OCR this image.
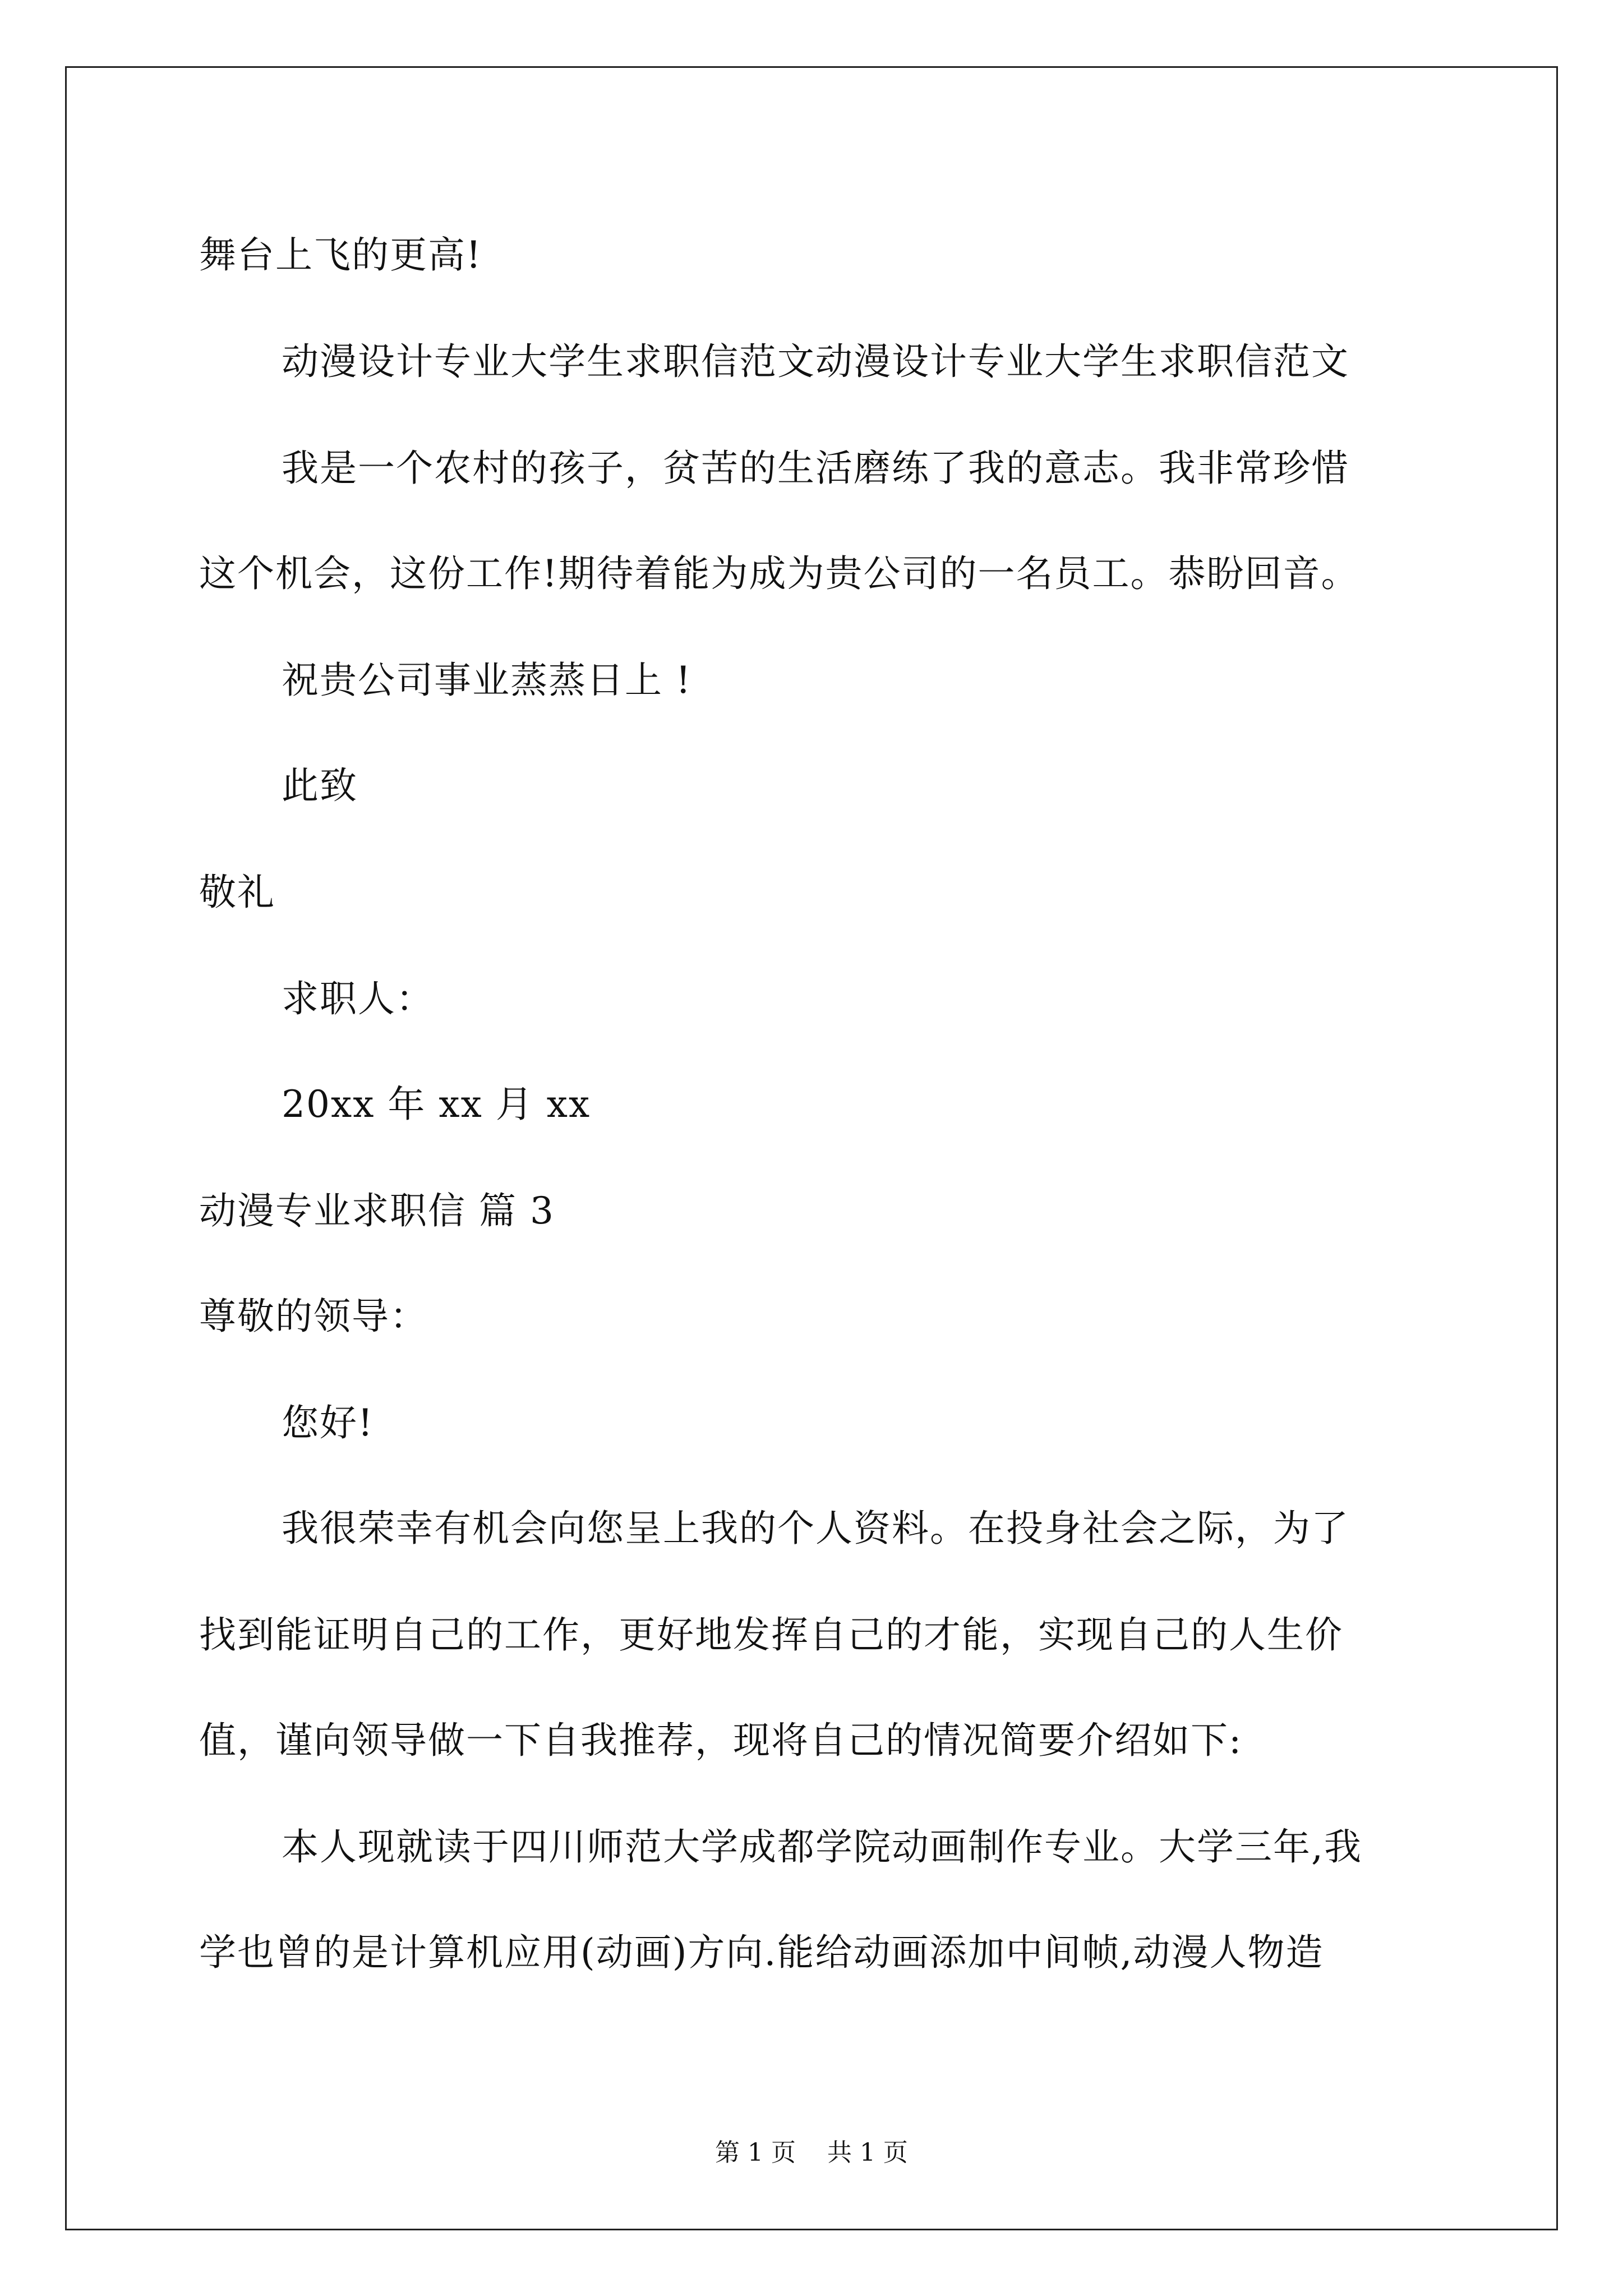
舞台上飞的更高!
动漫设计专业大学生求职信范文动漫设计专业大学生求职信范文
我是一个农村的孩子，贫苦的生活磨练了我的意志。我非常珍惜
这个机会，这份工作!期待着能为成为贵公司的一名员工。恭盼回音。
祝贵公司事业蒸蒸日上 !
此致
敬礼
求职人：
20xx 年 xx 月 xx
动漫专业求职信 篇 3
尊敬的领导：
您好!
我很荣幸有机会向您呈上我的个人资料。在投身社会之际，为了
找到能证明自己的工作，更好地发挥自己的才能，实现自己的人生价
值，谨向领导做一下自我推荐，现将自己的情况简要介绍如下:
本人现就读于四川师范大学成都学院动画制作专业。大学三年,我
学也曾的是计算机应用(动画)方向.能给动画添加中间帧,动漫人物造
第 1 页    共 1 页
